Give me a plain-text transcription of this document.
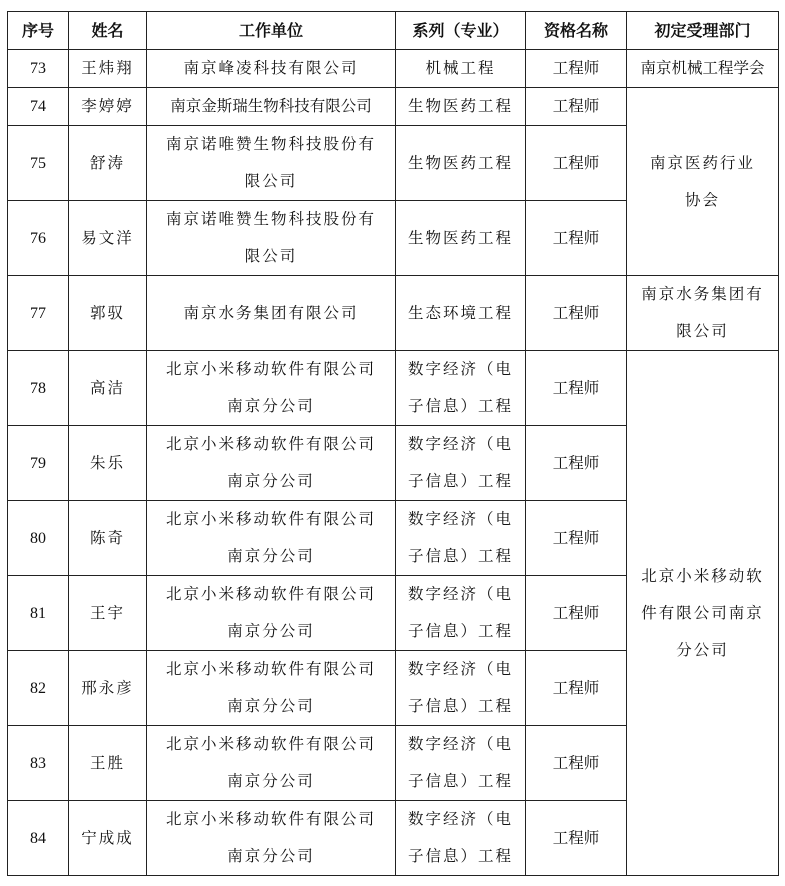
序号	姓名	工作单位	系列（专业）	资格名称	初定受理部门
73	王炜翔	南京峰凌科技有限公司	机械工程	工程师	南京机械工程学会
74	李婷婷	南京金斯瑞生物科技有限公司	生物医药工程	工程师	南京医药行业
协会
75	舒涛	南京诺唯赞生物科技股份有
限公司	生物医药工程	工程师	
76	易文洋	南京诺唯赞生物科技股份有
限公司	生物医药工程	工程师	
77	郭驭	南京水务集团有限公司	生态环境工程	工程师	南京水务集团有
限公司
78	高洁	北京小米移动软件有限公司
南京分公司	数字经济（电
子信息）工程	工程师	北京小米移动软
件有限公司南京
分公司
79	朱乐	北京小米移动软件有限公司
南京分公司	数字经济（电
子信息）工程	工程师	
80	陈奇	北京小米移动软件有限公司
南京分公司	数字经济（电
子信息）工程	工程师	
81	王宇	北京小米移动软件有限公司
南京分公司	数字经济（电
子信息）工程	工程师	
82	邢永彦	北京小米移动软件有限公司
南京分公司	数字经济（电
子信息）工程	工程师	
83	王胜	北京小米移动软件有限公司
南京分公司	数字经济（电
子信息）工程	工程师	
84	宁成成	北京小米移动软件有限公司
南京分公司	数字经济（电
子信息）工程	工程师	
